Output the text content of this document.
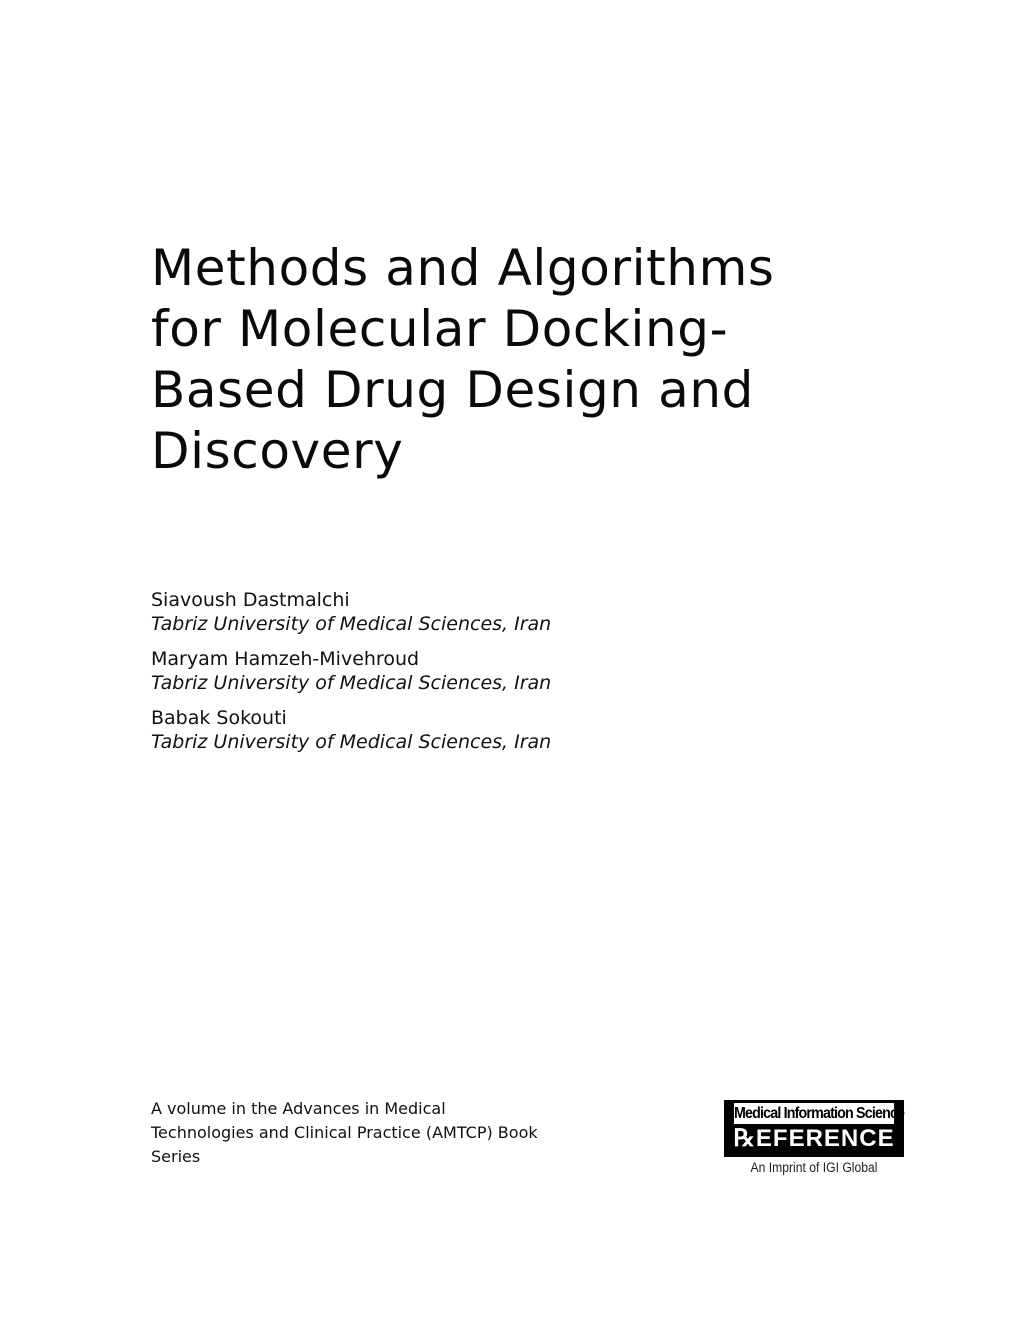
Methods and Algorithms
for Molecular Docking-
Based Drug Design and
Discovery
Siavoush Dastmalchi
Tabriz University of Medical Sciences, Iran
Maryam Hamzeh-Mivehroud
Tabriz University of Medical Sciences, Iran
Babak Sokouti
Tabriz University of Medical Sciences, Iran
A volume in the Advances in Medical
Technologies and Clinical Practice (AMTCP) Book
Series
Medical Information Science
℞EFERENCE
An Imprint of IGI Global
